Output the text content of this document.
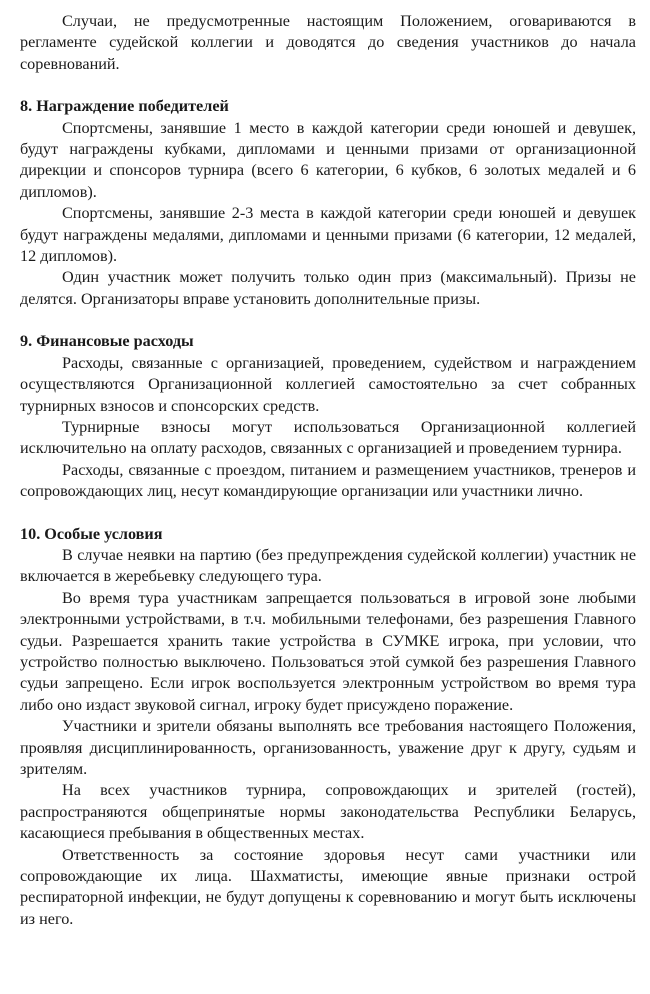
Случаи, не предусмотренные настоящим Положением, оговариваются в регламенте судейской коллегии и доводятся до сведения участников до начала соревнований.

8. Награждение победителей

Спортсмены, занявшие 1 место в каждой категории среди юношей и девушек, будут награждены кубками, дипломами и ценными призами от организационной дирекции и спонсоров турнира (всего 6 категории, 6 кубков, 6 золотых медалей и 6 дипломов).

Спортсмены, занявшие 2-3 места в каждой категории среди юношей и девушек будут награждены медалями, дипломами и ценными призами (6 категории, 12 медалей, 12 дипломов).

Один участник может получить только один приз (максимальный). Призы не делятся. Организаторы вправе установить дополнительные призы.

9. Финансовые расходы

Расходы, связанные с организацией, проведением, судейством и награждением осуществляются Организационной коллегией самостоятельно за счет собранных турнирных взносов и спонсорских средств.

Турнирные взносы могут использоваться Организационной коллегией исключительно на оплату расходов, связанных с организацией и проведением турнира.

Расходы, связанные с проездом, питанием и размещением участников, тренеров и сопровождающих лиц, несут командирующие организации или участники лично.

10. Особые условия

В случае неявки на партию (без предупреждения судейской коллегии) участник не включается в жеребьевку следующего тура.

Во время тура участникам запрещается пользоваться в игровой зоне любыми электронными устройствами, в т.ч. мобильными телефонами, без разрешения Главного судьи. Разрешается хранить такие устройства в СУМКЕ игрока, при условии, что устройство полностью выключено. Пользоваться этой сумкой без разрешения Главного судьи запрещено. Если игрок воспользуется электронным устройством во время тура либо оно издаст звуковой сигнал, игроку будет присуждено поражение.

Участники и зрители обязаны выполнять все требования настоящего Положения, проявляя дисциплинированность, организованность, уважение друг к другу, судьям и зрителям.

На всех участников турнира, сопровождающих и зрителей (гостей), распространяются общепринятые нормы законодательства Республики Беларусь, касающиеся пребывания в общественных местах.

Ответственность за состояние здоровья несут сами участники или сопровождающие их лица. Шахматисты, имеющие явные признаки острой респираторной инфекции, не будут допущены к соревнованию и могут быть исключены из него.
